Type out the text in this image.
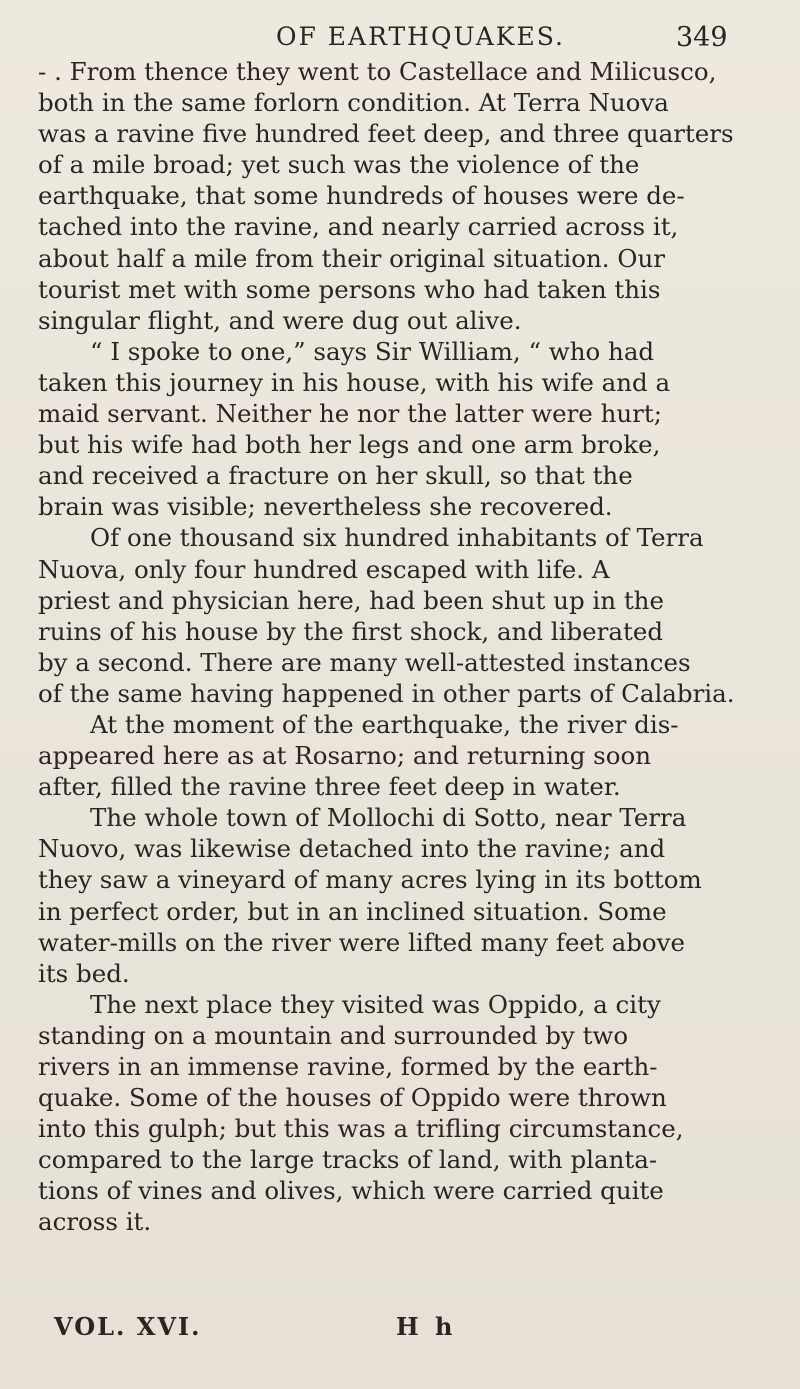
OF EARTHQUAKES.	349
- . From thence they went to Castellace and Milicusco,
both in the same forlorn condition. At Terra Nuova
was a ravine five hundred feet deep, and three quarters
of a mile broad; yet such was the violence of the
earthquake, that some hundreds of houses were de-
tached into the ravine, and nearly carried across it,
about half a mile from their original situation. Our
tourist met with some persons who had taken this
singular flight, and were dug out alive.
“ I spoke to one,” says Sir William, “ who had
taken this journey in his house, with his wife and a
maid servant. Neither he nor the latter were hurt;
but his wife had both her legs and one arm broke,
and received a fracture on her skull, so that the
brain was visible; nevertheless she recovered.
Of one thousand six hundred inhabitants of Terra
Nuova, only four hundred escaped with life. A
priest and physician here, had been shut up in the
ruins of his house by the first shock, and liberated
by a second. There are many well-attested instances
of the same having happened in other parts of Calabria.
At the moment of the earthquake, the river dis-
appeared here as at Rosarno; and returning soon
after, filled the ravine three feet deep in water.
The whole town of Mollochi di Sotto, near Terra
Nuovo, was likewise detached into the ravine; and
they saw a vineyard of many acres lying in its bottom
in perfect order, but in an inclined situation. Some
water-mills on the river were lifted many feet above
its bed.
The next place they visited was Oppido, a city
standing on a mountain and surrounded by two
rivers in an immense ravine, formed by the earth-
quake. Some of the houses of Oppido were thrown
into this gulph; but this was a trifling circumstance,
compared to the large tracks of land, with planta-
tions of vines and olives, which were carried quite
across it.
VOL. XVI.	H h
